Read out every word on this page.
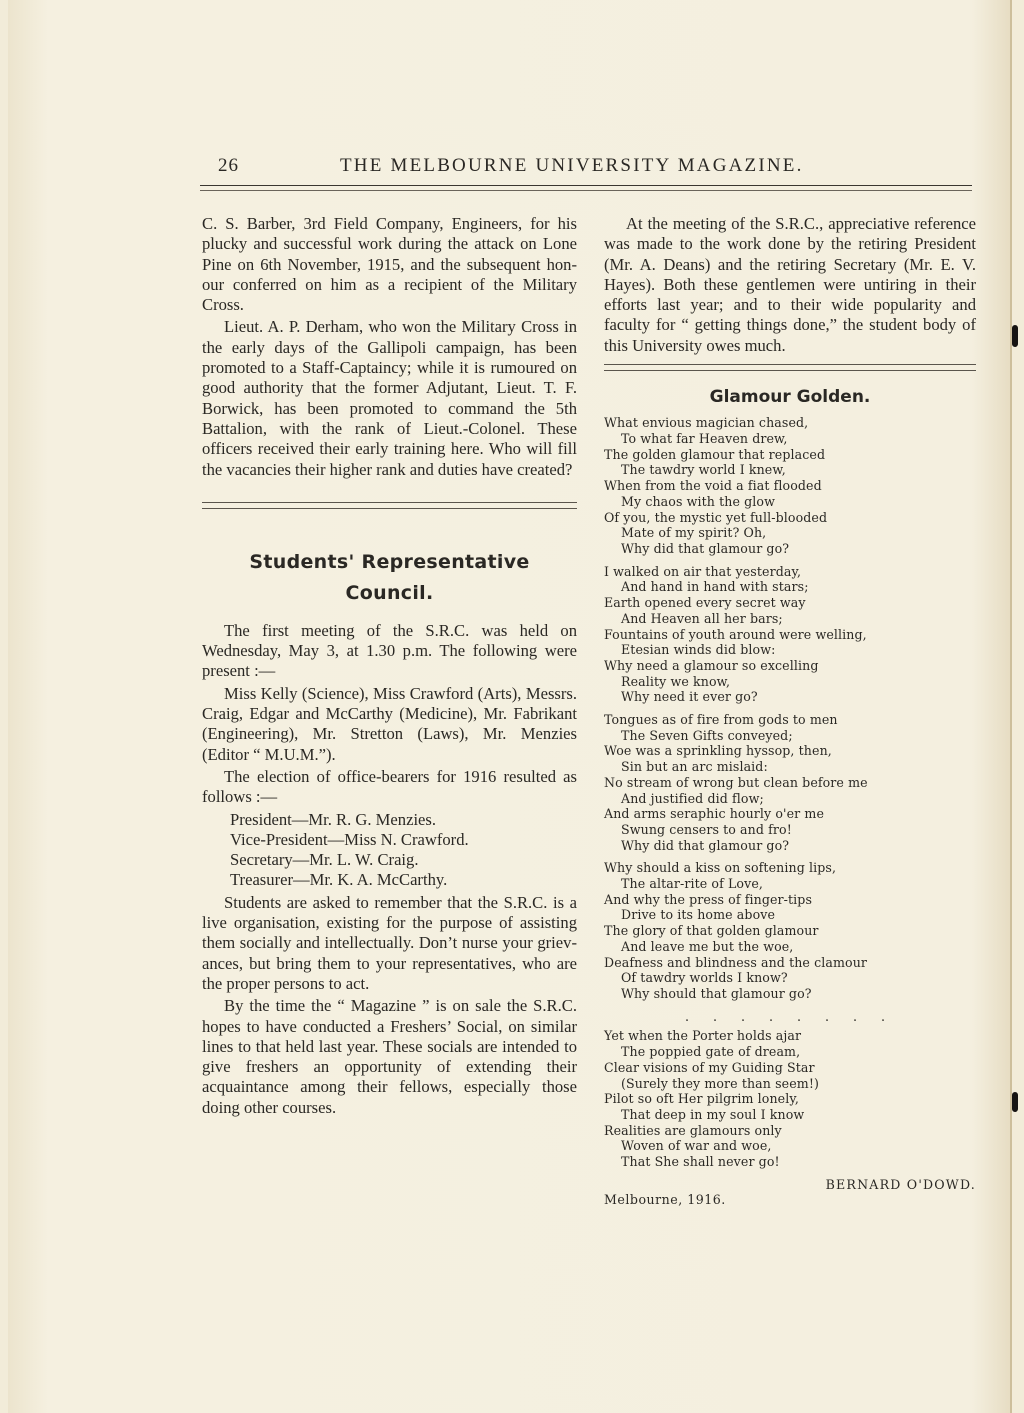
26	THE MELBOURNE UNIVERSITY MAGAZINE.

C. S. Barber, 3rd Field Company, Engineers, for his plucky and successful work during the attack on Lone Pine on 6th November, 1915, and the subsequent honour conferred on him as a recipient of the Military Cross.

Lieut. A. P. Derham, who won the Military Cross in the early days of the Gallipoli campaign, has been promoted to a Staff-Captaincy; while it is rumoured on good authority that the former Adjutant, Lieut. T. F. Borwick, has been promoted to command the 5th Battalion, with the rank of Lieut.-Colonel. These officers received their early training here. Who will fill the vacancies their higher rank and duties have created?

Students' Representative
Council.

The first meeting of the S.R.C. was held on Wednesday, May 3, at 1.30 p.m. The following were present :—

Miss Kelly (Science), Miss Crawford (Arts), Messrs. Craig, Edgar and McCarthy (Medicine), Mr. Fabrikant (Engineering), Mr. Stretton (Laws), Mr. Menzies (Editor “ M.U.M.”).

The election of office-bearers for 1916 resulted as follows :—

President—Mr. R. G. Menzies.
Vice-President—Miss N. Crawford.
Secretary—Mr. L. W. Craig.
Treasurer—Mr. K. A. McCarthy.

Students are asked to remember that the S.R.C. is a live organisation, existing for the purpose of assisting them socially and intellectually. Don’t nurse your grievances, but bring them to your representatives, who are the proper persons to act.

By the time the “ Magazine ” is on sale the S.R.C. hopes to have conducted a Freshers’ Social, on similar lines to that held last year. These socials are intended to give freshers an opportunity of extending their acquaintance among their fellows, especially those doing other courses.

At the meeting of the S.R.C., appreciative reference was made to the work done by the retiring President (Mr. A. Deans) and the retiring Secretary (Mr. E. V. Hayes). Both these gentlemen were untiring in their efforts last year; and to their wide popularity and faculty for “ getting things done,” the student body of this University owes much.

Glamour Golden.
What envious magician chased,
To what far Heaven drew,
The golden glamour that replaced
The tawdry world I knew,
When from the void a fiat flooded
My chaos with the glow
Of you, the mystic yet full-blooded
Mate of my spirit? Oh,
Why did that glamour go?
I walked on air that yesterday,
And hand in hand with stars;
Earth opened every secret way
And Heaven all her bars;
Fountains of youth around were welling,
Etesian winds did blow:
Why need a glamour so excelling
Reality we know,
Why need it ever go?
Tongues as of fire from gods to men
The Seven Gifts conveyed;
Woe was a sprinkling hyssop, then,
Sin but an arc mislaid:
No stream of wrong but clean before me
And justified did flow;
And arms seraphic hourly o'er me
Swung censers to and fro!
Why did that glamour go?
Why should a kiss on softening lips,
The altar-rite of Love,
And why the press of finger-tips
Drive to its home above
The glory of that golden glamour
And leave me but the woe,
Deafness and blindness and the clamour
Of tawdry worlds I know?
Why should that glamour go?
. . . . . . . .
Yet when the Porter holds ajar
The poppied gate of dream,
Clear visions of my Guiding Star
(Surely they more than seem!)
Pilot so oft Her pilgrim lonely,
That deep in my soul I know
Realities are glamours only
Woven of war and woe,
That She shall never go!
BERNARD O'DOWD.
Melbourne, 1916.
